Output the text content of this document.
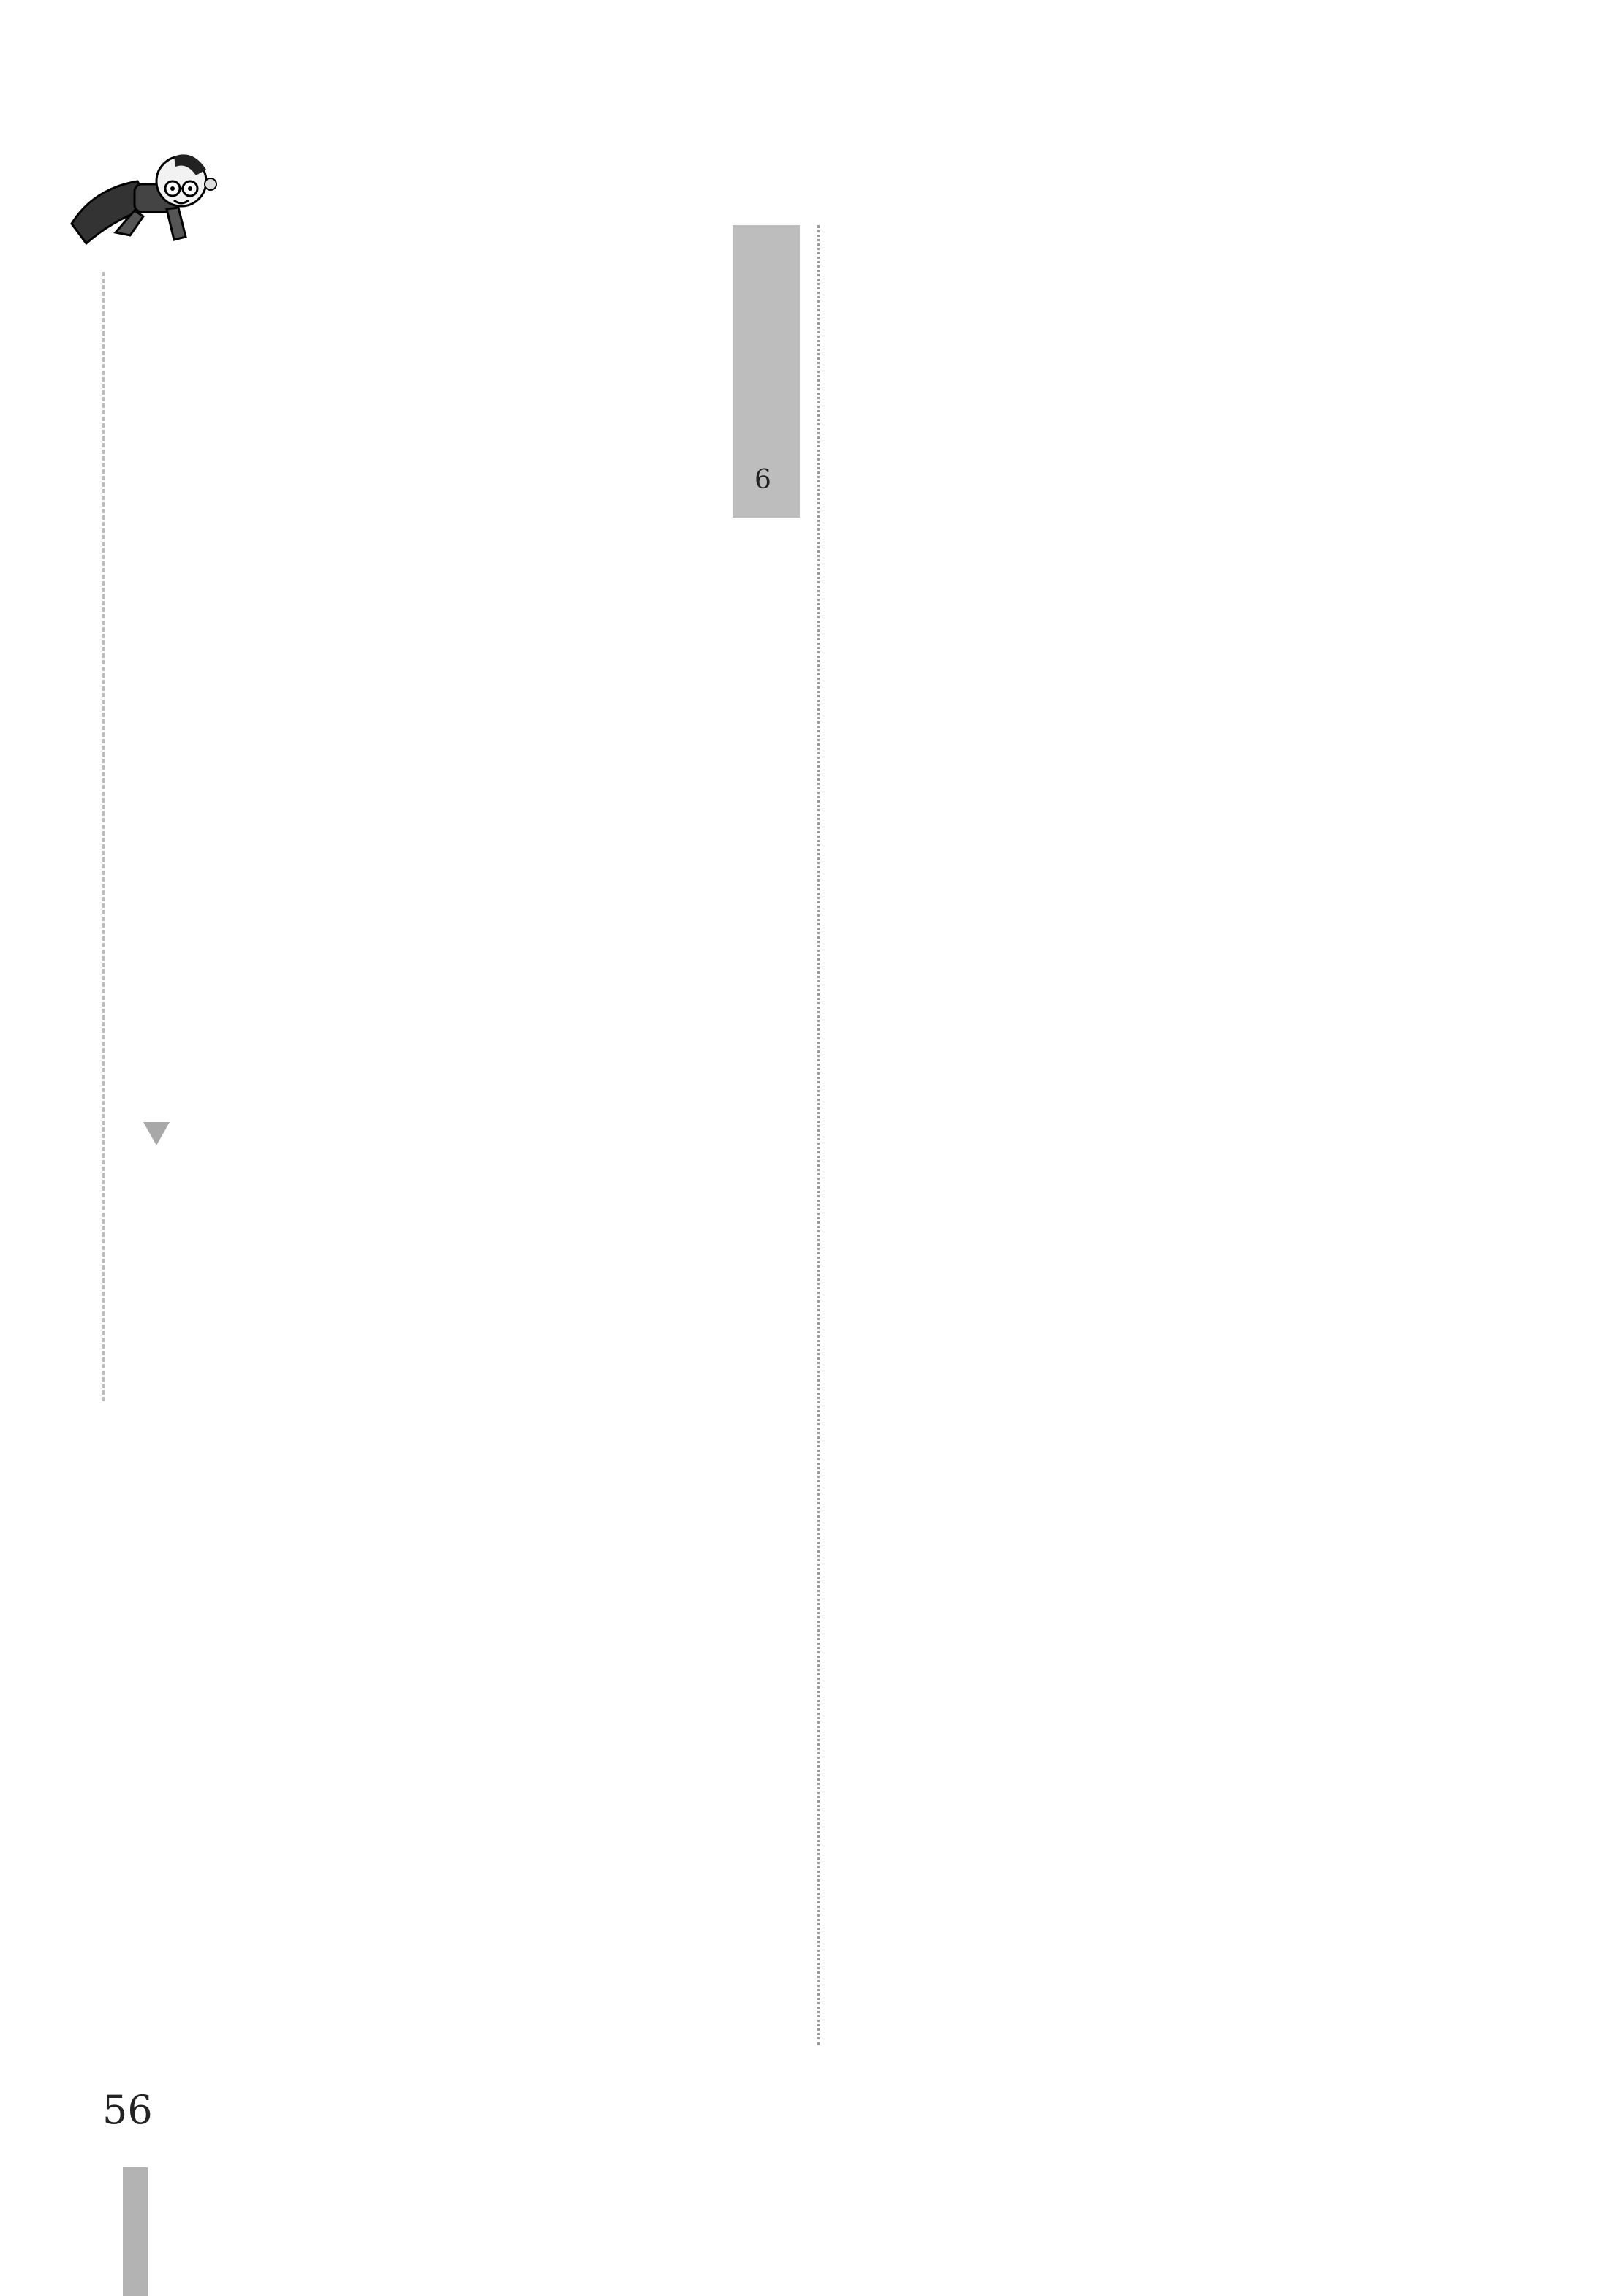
6
56
